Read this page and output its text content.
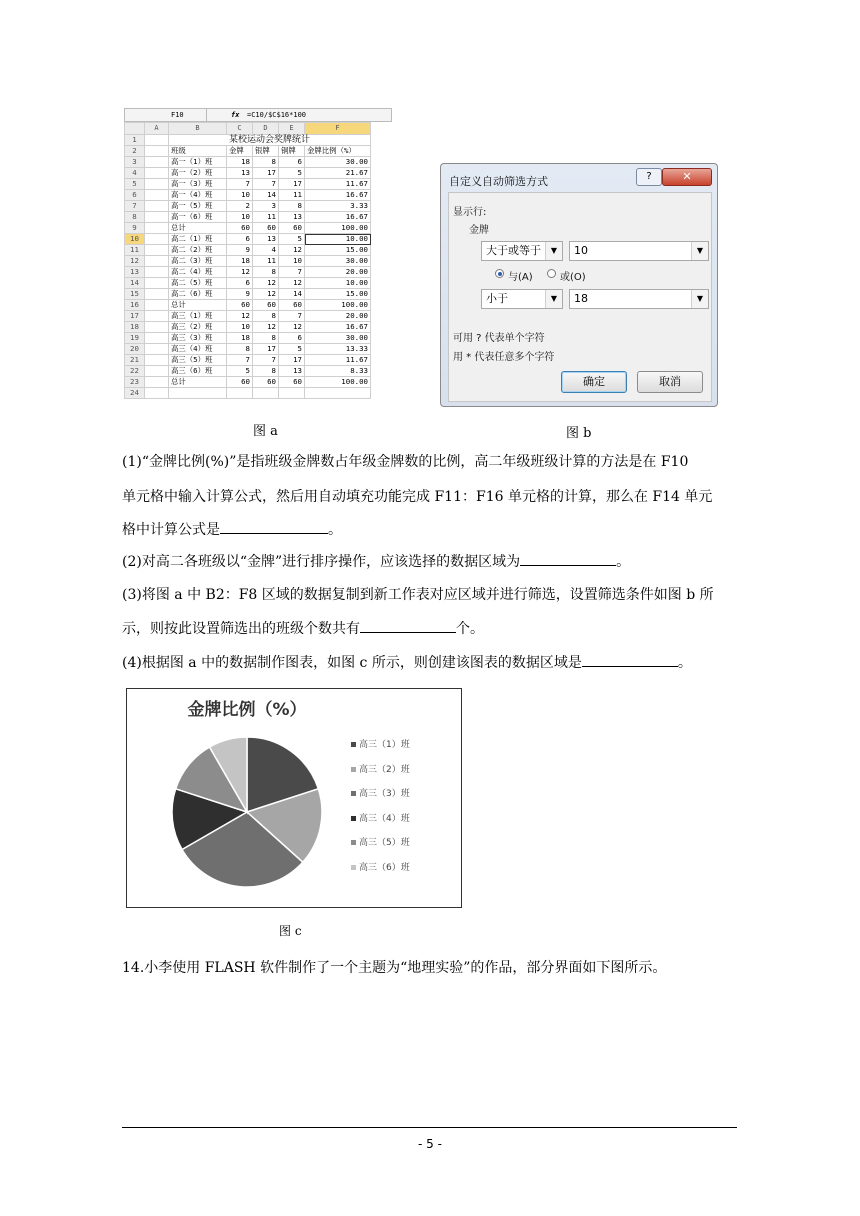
F10	fx =C10/$C$16*100
	A	B	C	D	E	F
1		某校运动会奖牌统计				
2		班级	金牌	银牌	铜牌	金牌比例（%）
3		高一（1）班	18	8	6	30.00
4		高一（2）班	13	17	5	21.67
5		高一（3）班	7	7	17	11.67
6		高一（4）班	10	14	11	16.67
7		高一（5）班	2	3	8	3.33
8		高一（6）班	10	11	13	16.67
9		总计	60	60	60	100.00
10		高二（1）班	6	13	5	10.00
11		高二（2）班	9	4	12	15.00
12		高二（3）班	18	11	10	30.00
13		高二（4）班	12	8	7	20.00
14		高二（5）班	6	12	12	10.00
15		高二（6）班	9	12	14	15.00
16		总计	60	60	60	100.00
17		高三（1）班	12	8	7	20.00
18		高三（2）班	10	12	12	16.67
19		高三（3）班	18	8	6	30.00
20		高三（4）班	8	17	5	13.33
21		高三（5）班	7	7	17	11.67
22		高三（6）班	5	8	13	8.33
23		总计	60	60	60	100.00
24						
图 a
自定义自动筛选方式	?	✕
显示行:
金牌
大于或等于	▼	10	▼
与(A)	或(O)
小于	▼	18	▼
可用 ? 代表单个字符
用 * 代表任意多个字符
确定	取消
图 b
(1)“金牌比例(%)”是指班级金牌数占年级金牌数的比例，高二年级班级计算的方法是在 F10
单元格中输入计算公式，然后用自动填充功能完成 F11：F16 单元格的计算，那么在 F14 单元
格中计算公式是	。
(2)对高二各班级以“金牌”进行排序操作，应该选择的数据区域为	。
(3)将图 a 中 B2：F8 区域的数据复制到新工作表对应区域并进行筛选，设置筛选条件如图 b 所
示，则按此设置筛选出的班级个数共有	个。
(4)根据图 a 中的数据制作图表，如图 c 所示，则创建该图表的数据区域是	。
金牌比例（%）
高三（1）班
高三（2）班
高三（3）班
高三（4）班
高三（5）班
高三（6）班
图 c
14.小李使用 FLASH 软件制作了一个主题为“地理实验”的作品，部分界面如下图所示。
- 5 -
